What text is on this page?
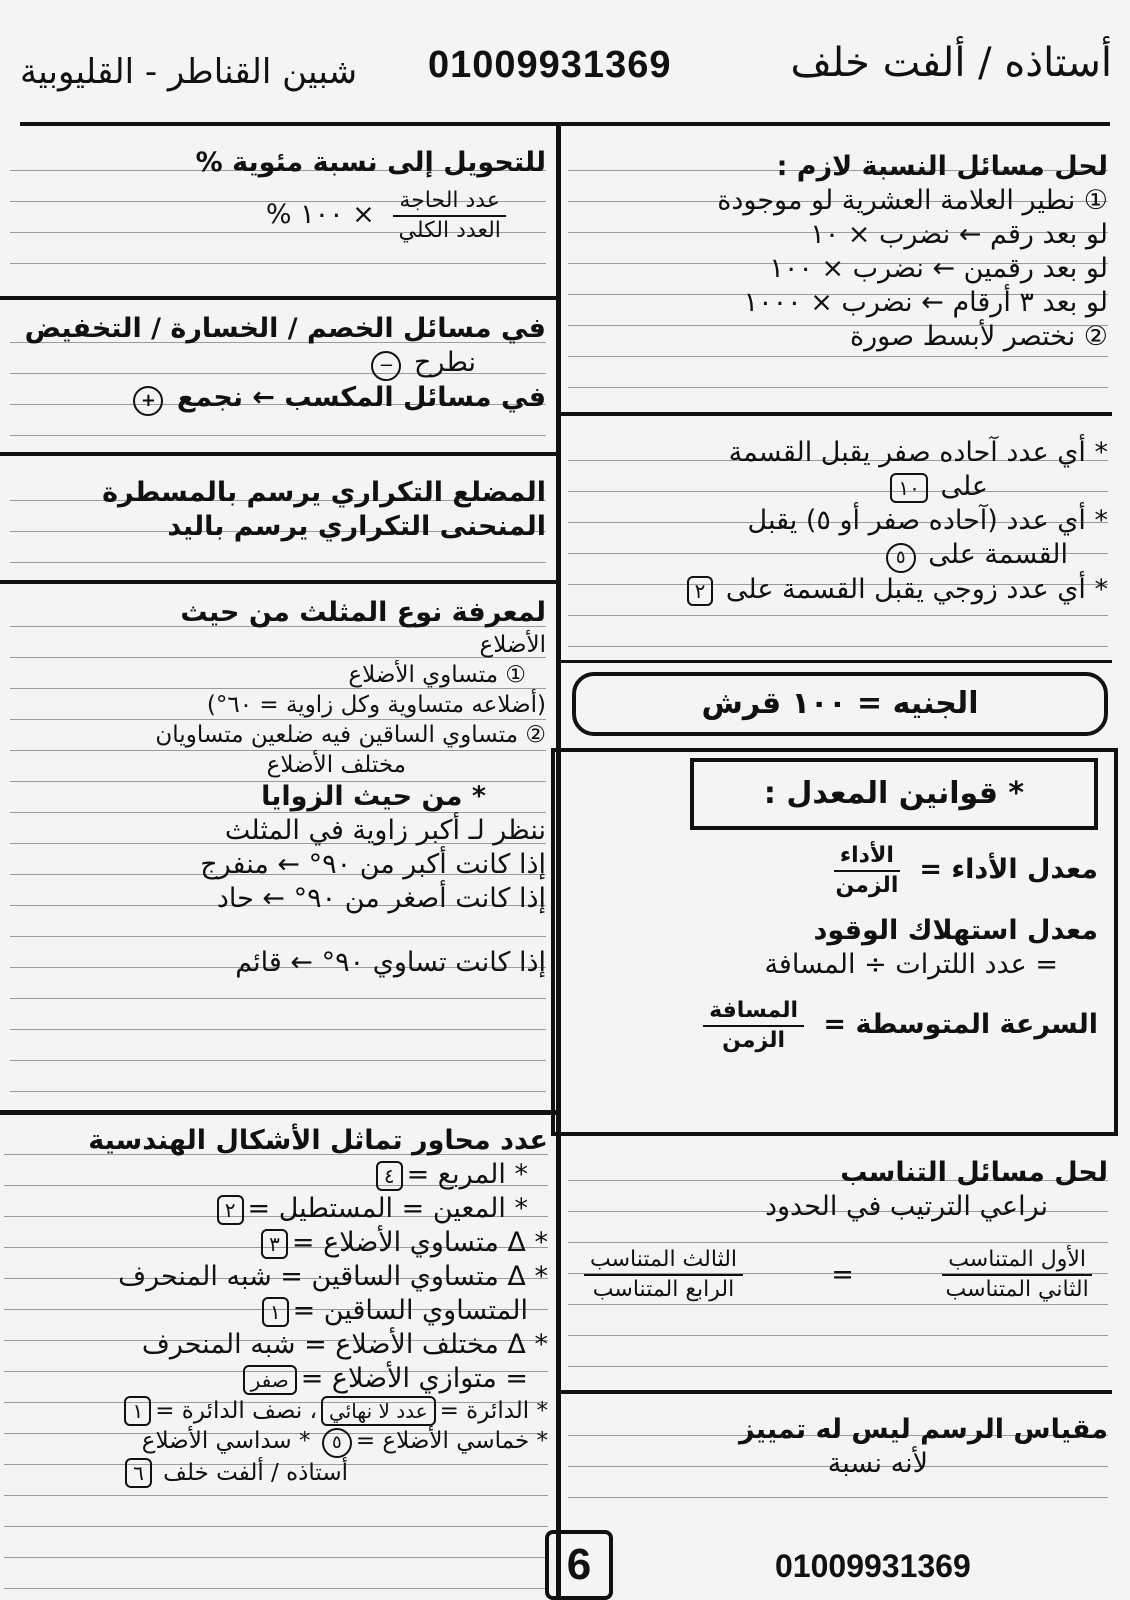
أستاذه / ألفت خلف
01009931369
شبين القناطر - القليوبية
لحل مسائل النسبة لازم :
① نطير العلامة العشرية لو موجودة
لو بعد رقم ← نضرب × ١٠
لو بعد رقمين ← نضرب × ١٠٠
لو بعد ٣ أرقام ← نضرب × ١٠٠٠
② نختصر لأبسط صورة
* أي عدد آحاده صفر يقبل القسمة
على ١٠
* أي عدد (آحاده صفر أو ٥) يقبل
القسمة على ٥
* أي عدد زوجي يقبل القسمة على ٢
الجنيه = ١٠٠ قرش
* قوانين المعدل :
معدل الأداء =
$\frac{\text{الأداء}}{\text{الزمن}}$
معدل استهلاك الوقود
= عدد اللترات ÷ المسافة
السرعة المتوسطة =
$\frac{\text{المسافة}}{\text{الزمن}}$
لحل مسائل التناسب
نراعي الترتيب في الحدود
$\frac{\text{الأول المتناسب}}{\text{الثاني المتناسب}}$
=
$\frac{\text{الثالث المتناسب}}{\text{الرابع المتناسب}}$
مقياس الرسم ليس له تمييز
لأنه نسبة
للتحويل إلى نسبة مئوية %
$\frac{\text{عدد الحاجة}}{\text{العدد الكلي}}$
× ١٠٠ %
في مسائل الخصم / الخسارة / التخفيض
نطرح −
في مسائل المكسب ← نجمع +
المضلع التكراري يرسم بالمسطرة
المنحنى التكراري يرسم باليد
لمعرفة نوع المثلث من حيث
الأضلاع
① متساوي الأضلاع
(أضلاعه متساوية وكل زاوية = ٦٠°)
② متساوي الساقين فيه ضلعين متساويان
مختلف الأضلاع
* من حيث الزوايا
ننظر لـ أكبر زاوية في المثلث
إذا كانت أكبر من ٩٠° ← منفرج
إذا كانت أصغر من ٩٠° ← حاد
إذا كانت تساوي ٩٠° ← قائم
عدد محاور تماثل الأشكال الهندسية
* المربع =٤
* المعين = المستطيل =٢
* Δ متساوي الأضلاع =٣
* Δ متساوي الساقين = شبه المنحرف
المتساوي الساقين =١
* Δ مختلف الأضلاع = شبه المنحرف
= متوازي الأضلاع =صفر
* الدائرة =عدد لا نهائي، نصف الدائرة =١
* خماسي الأضلاع =٥ * سداسي الأضلاع
أستاذه / ألفت خلف ٦
6	01009931369
